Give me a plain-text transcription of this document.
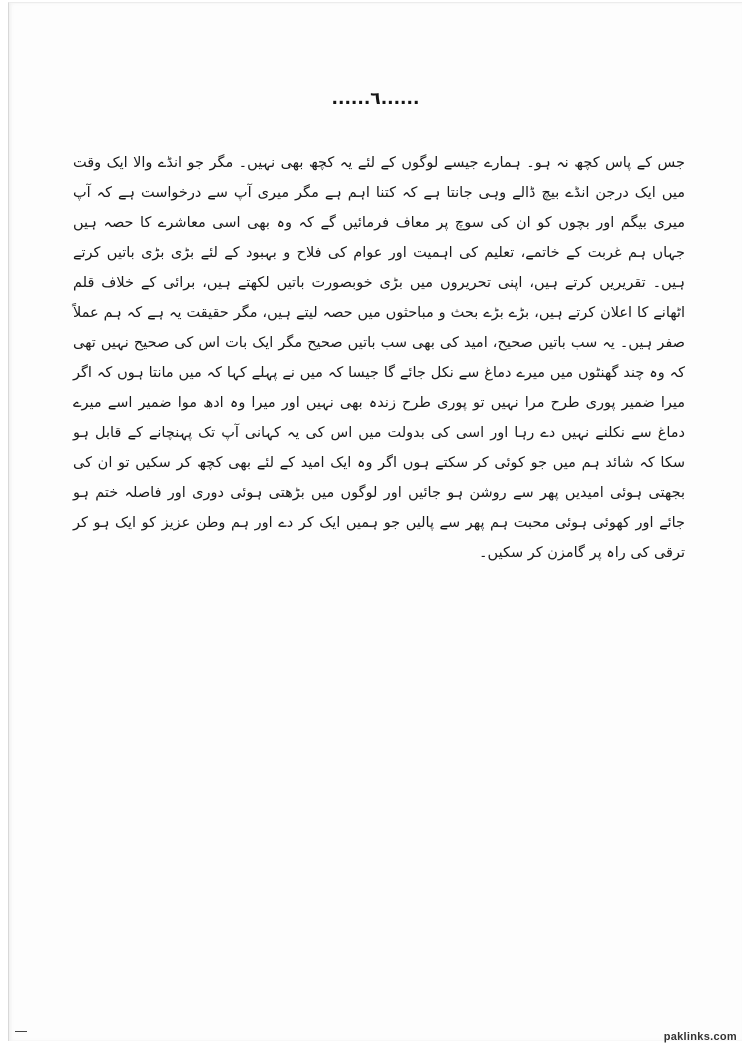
......٦......

جس کے پاس کچھ نہ ہو۔ ہمارے جیسے لوگوں کے لئے یہ کچھ بھی نہیں۔ مگر جو انڈے والا ایک وقت میں ایک درجن انڈے بیچ ڈالے وہی جانتا ہے کہ کتنا اہم ہے مگر میری آپ سے درخواست ہے کہ آپ میری بیگم اور بچوں کو ان کی سوچ پر معاف فرمائیں گے کہ وہ بھی اسی معاشرے کا حصہ ہیں جہاں ہم غربت کے خاتمے، تعلیم کی اہمیت اور عوام کی فلاح و بہبود کے لئے بڑی بڑی باتیں کرتے ہیں۔ تقریریں کرتے ہیں، اپنی تحریروں میں بڑی خوبصورت باتیں لکھتے ہیں، برائی کے خلاف قلم اٹھانے کا اعلان کرتے ہیں، بڑے بڑے بحث و مباحثوں میں حصہ لیتے ہیں، مگر حقیقت یہ ہے کہ ہم عملاً صفر ہیں۔ یہ سب باتیں صحیح، امید کی بھی سب باتیں صحیح مگر ایک بات اس کی صحیح نہیں تھی کہ وہ چند گھنٹوں میں میرے دماغ سے نکل جائے گا جیسا کہ میں نے پہلے کہا کہ میں مانتا ہوں کہ اگر میرا ضمیر پوری طرح مرا نہیں تو پوری طرح زندہ بھی نہیں اور میرا وہ ادھ موا ضمیر اسے میرے دماغ سے نکلنے نہیں دے رہا اور اسی کی بدولت میں اس کی یہ کہانی آپ تک پہنچانے کے قابل ہو سکا کہ شائد ہم میں جو کوئی کر سکتے ہوں اگر وہ ایک امید کے لئے بھی کچھ کر سکیں تو ان کی بجھتی ہوئی امیدیں پھر سے روشن ہو جائیں اور لوگوں میں بڑھتی ہوئی دوری اور فاصلہ ختم ہو جائے اور کھوئی ہوئی محبت ہم پھر سے پالیں جو ہمیں ایک کر دے اور ہم وطن عزیز کو ایک ہو کر ترقی کی راہ پر گامزن کر سکیں۔

paklinks.com
